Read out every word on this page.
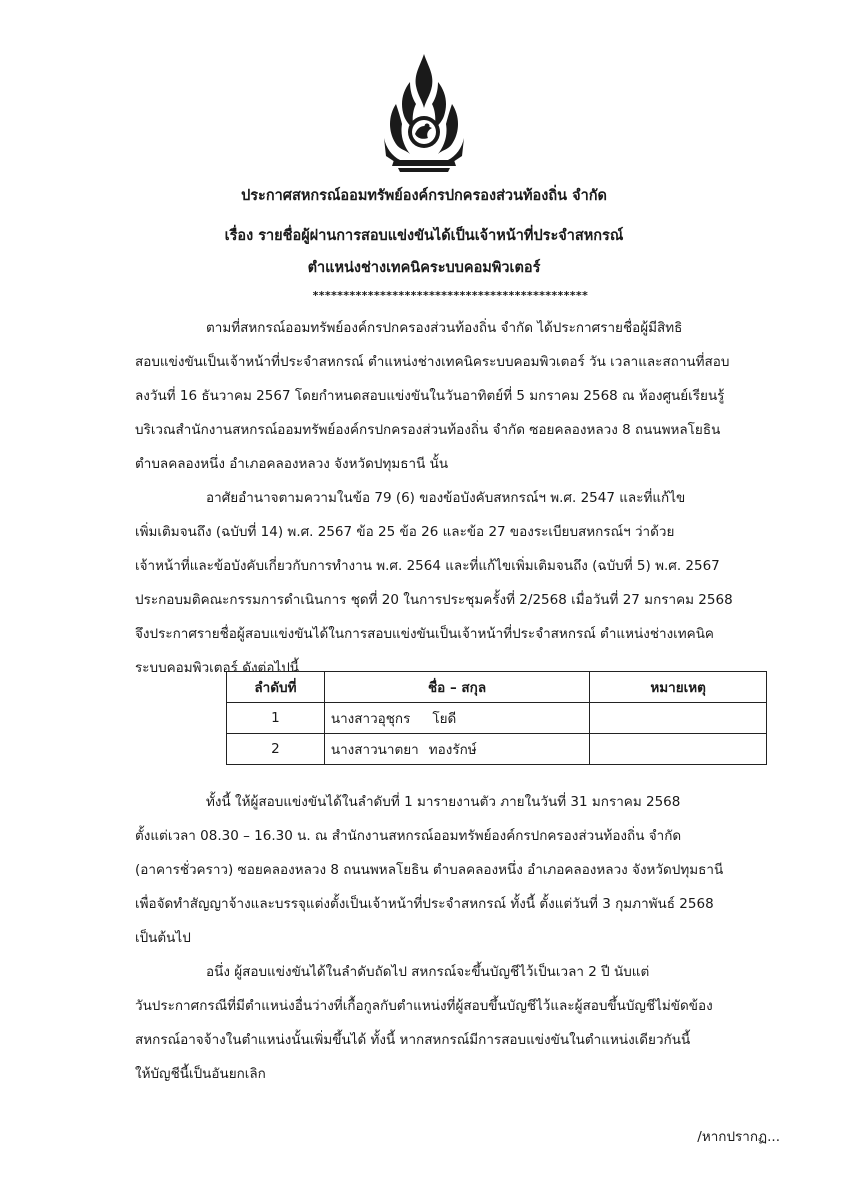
ประกาศสหกรณ์ออมทรัพย์องค์กรปกครองส่วนท้องถิ่น จำกัด
เรื่อง รายชื่อผู้ผ่านการสอบแข่งขันได้เป็นเจ้าหน้าที่ประจำสหกรณ์
ตำแหน่งช่างเทคนิคระบบคอมพิวเตอร์
*********************************************
ตามที่สหกรณ์ออมทรัพย์องค์กรปกครองส่วนท้องถิ่น จำกัด ได้ประกาศรายชื่อผู้มีสิทธิ
สอบแข่งขันเป็นเจ้าหน้าที่ประจำสหกรณ์ ตำแหน่งช่างเทคนิคระบบคอมพิวเตอร์ วัน เวลาและสถานที่สอบ
ลงวันที่ 16 ธันวาคม 2567 โดยกำหนดสอบแข่งขันในวันอาทิตย์ที่ 5 มกราคม 2568 ณ ห้องศูนย์เรียนรู้
บริเวณสำนักงานสหกรณ์ออมทรัพย์องค์กรปกครองส่วนท้องถิ่น จำกัด ซอยคลองหลวง 8 ถนนพหลโยธิน
ตำบลคลองหนึ่ง อำเภอคลองหลวง จังหวัดปทุมธานี นั้น
อาศัยอำนาจตามความในข้อ 79 (6) ของข้อบังคับสหกรณ์ฯ พ.ศ. 2547 และที่แก้ไข
เพิ่มเติมจนถึง (ฉบับที่ 14) พ.ศ. 2567 ข้อ 25 ข้อ 26 และข้อ 27 ของระเบียบสหกรณ์ฯ ว่าด้วย
เจ้าหน้าที่และข้อบังคับเกี่ยวกับการทำงาน พ.ศ. 2564 และที่แก้ไขเพิ่มเติมจนถึง (ฉบับที่ 5) พ.ศ. 2567
ประกอบมติคณะกรรมการดำเนินการ ชุดที่ 20 ในการประชุมครั้งที่ 2/2568 เมื่อวันที่ 27 มกราคม 2568
จึงประกาศรายชื่อผู้สอบแข่งขันได้ในการสอบแข่งขันเป็นเจ้าหน้าที่ประจำสหกรณ์ ตำแหน่งช่างเทคนิค
ระบบคอมพิวเตอร์ ดังต่อไปนี้
ลำดับที่	ชื่อ – สกุล	หมายเหตุ
1	นางสาวอุชุกร โยดี	
2	นางสาวนาตยา ทองรักษ์	
ทั้งนี้ ให้ผู้สอบแข่งขันได้ในลำดับที่ 1 มารายงานตัว ภายในวันที่ 31 มกราคม 2568
ตั้งแต่เวลา 08.30 – 16.30 น. ณ สำนักงานสหกรณ์ออมทรัพย์องค์กรปกครองส่วนท้องถิ่น จำกัด
(อาคารชั่วคราว) ซอยคลองหลวง 8 ถนนพหลโยธิน ตำบลคลองหนึ่ง อำเภอคลองหลวง จังหวัดปทุมธานี
เพื่อจัดทำสัญญาจ้างและบรรจุแต่งตั้งเป็นเจ้าหน้าที่ประจำสหกรณ์ ทั้งนี้ ตั้งแต่วันที่ 3 กุมภาพันธ์ 2568
เป็นต้นไป
อนึ่ง ผู้สอบแข่งขันได้ในลำดับถัดไป สหกรณ์จะขึ้นบัญชีไว้เป็นเวลา 2 ปี นับแต่
วันประกาศกรณีที่มีตำแหน่งอื่นว่างที่เกื้อกูลกับตำแหน่งที่ผู้สอบขึ้นบัญชีไว้และผู้สอบขึ้นบัญชีไม่ขัดข้อง
สหกรณ์อาจจ้างในตำแหน่งนั้นเพิ่มขึ้นได้ ทั้งนี้ หากสหกรณ์มีการสอบแข่งขันในตำแหน่งเดียวกันนี้
ให้บัญชีนี้เป็นอันยกเลิก
/หากปรากฏ...
